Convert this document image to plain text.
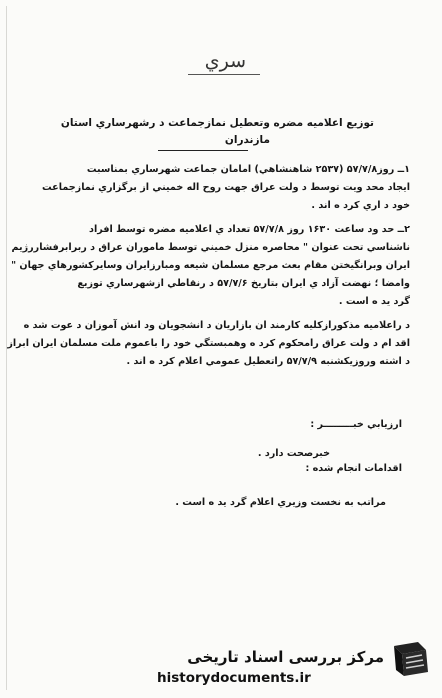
سري
توزيع اعلاميه مضره وتعطيل نمازجماعت د رشهرساري استان
مازندران
۱ــ روز۵۷/۷/۸ (۲۵۳۷ شاهنشاهي) امامان جماعت شهرساري بمناسبت
ايجاد محد ويت توسط د ولت عراق جهت روح اله خميني از برگزاري نمازجماعت
خود د اري کرد ه اند .
۲ــ حد ود ساعت ۱۶۳۰ روز ۵۷/۷/۸ تعداد ي اعلاميه مضره توسط افراد
ناشناسي تحت عنوان " محاصره منزل خميني توسط ماموران عراق د ربرابرفشاررژيم
ايران وبرانگيختن مقام بعث مرجع مسلمان شيعه ومبارزايران وسايركشورهاي جهان "
وامضا ؛ نهضت آزاد ي ايران بتاريخ ۵۷/۷/۶ د رنقاطي ازشهرساري توزيع
گرد يد ه است .
د راعلاميه مذکورازکليه کارمند ان بازاريان د انشجويان ود انش آموزان د عوت شد ه
اقد ام د ولت عراق رامحکوم کرد ه وهمبستگي خود را باعموم ملت مسلمان ايران ابراز
د اشته وروزيکشنبه ۵۷/۷/۹ راتعطيل عمومي اعلام کرد ه اند .
ارزيابي خبـــــــــر :
خبرصحت دارد .
اقدامات انجام شده :
مراتب به نخست وزيري اعلام گرد يد ه است .
مرکز بررسی اسناد تاریخی
historydocuments.ir
